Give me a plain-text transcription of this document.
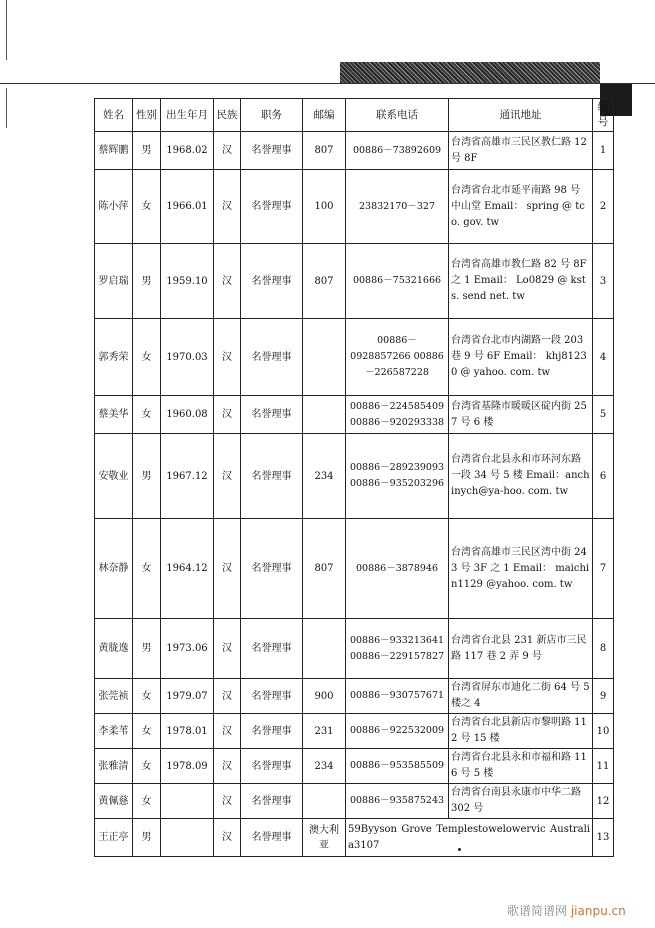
姓名	性别	出生年月	民族	职务	邮编	联系电话	通讯地址	编号
蔡辉鹏	男	1968.02	汉	名誉理事	807	00886－73892609	台湾省高雄市三民区教仁路 12 号 8F	1
陈小萍	女	1966.01	汉	名誉理事	100	23832170－327	台湾省台北市延平南路 98 号中山堂 Email： spring @ tco. gov. tw	2
罗启瑞	男	1959.10	汉	名誉理事	807	00886－75321666	台湾省高雄市教仁路 82 号 8F 之 1 Email： Lo0829 @ ksts. send net. tw	3
郭秀荣	女	1970.03	汉	名誉理事		00886－0928857266 00886－226587228	台湾省台北市内湖路一段 203 巷 9 号 6F Email： khj81230 @ yahoo. com. tw	4
蔡美华	女	1960.08	汉	名誉理事		00886－224585409 00886－920293338	台湾省基隆市暖暖区碇内街 257 号 6 楼	5
安敬业	男	1967.12	汉	名誉理事	234	00886－289239093 00886－935203296	台湾省台北县永和市环河东路一段 34 号 5 楼 Email：anchinych@ya-hoo. com. tw	6
林奈静	女	1964.12	汉	名誉理事	807	00886－3878946	台湾省高雄市三民区湾中街 243 号 3F 之 1 Email： maichin1129 @yahoo. com. tw	7
黄胧逸	男	1973.06	汉	名誉理事		00886－933213641 00886－229157827	台湾省台北县 231 新店市三民路 117 巷 2 弄 9 号	8
张莞祯	女	1979.07	汉	名誉理事	900	00886－930757671	台湾省屏东市迪化二街 64 号 5 楼之 4	9
李柔苇	女	1978.01	汉	名誉理事	231	00886－922532009	台湾省台北县新店市黎明路 112 号 15 楼	10
张雅清	女	1978.09	汉	名誉理事	234	00886－953585509	台湾省台北县永和市福和路 116 号 5 楼	11
黄佩慈	女		汉	名誉理事		00886－935875243	台湾省台南县永康市中华二路 302 号	12
王正亭	男		汉	名誉理事	澳大利亚	59Byyson Grove Templestowelowervic Australia3107		13
歌谱简谱网 jianpu.cn
